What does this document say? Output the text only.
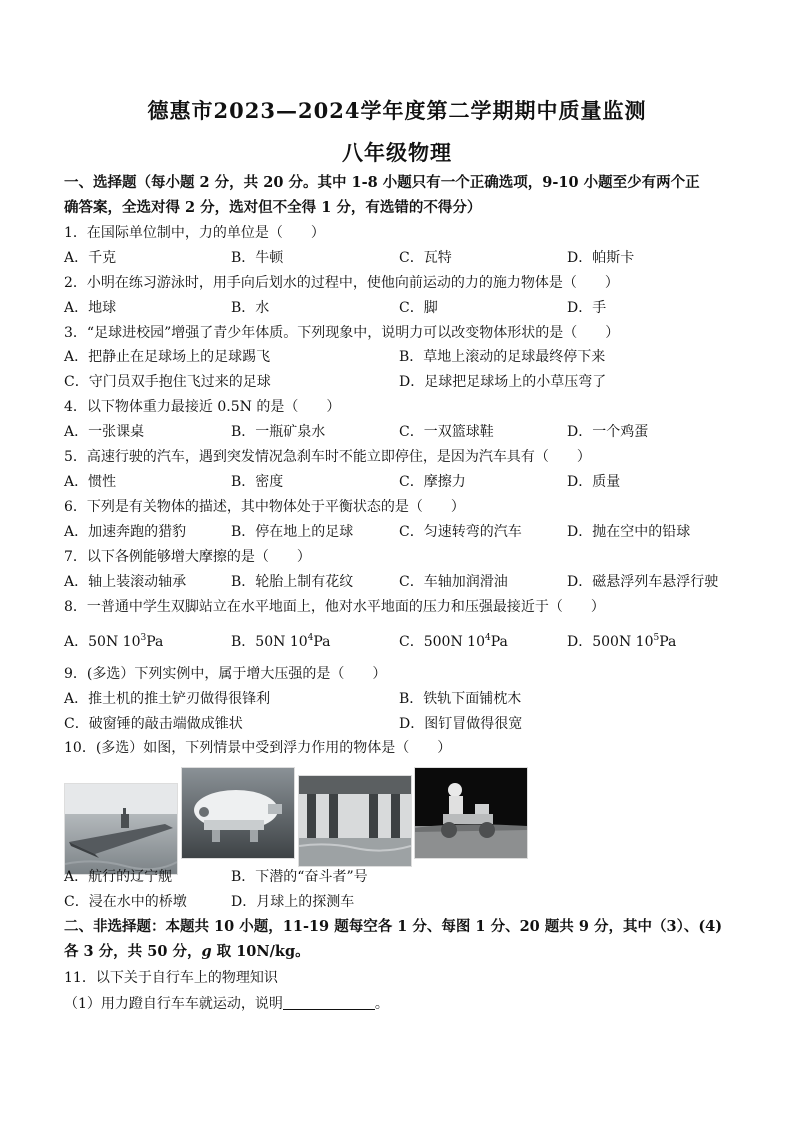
德惠市2023—2024学年度第二学期期中质量监测
八年级物理
一、选择题（每小题 2 分，共 20 分。其中 1-8 小题只有一个正确选项，9-10 小题至少有两个正
确答案，全选对得 2 分，选对但不全得 1 分，有选错的不得分）
1．在国际单位制中，力的单位是（　　）
A．千克	B．牛顿	C．瓦特	D．帕斯卡
2．小明在练习游泳时，用手向后划水的过程中，使他向前运动的力的施力物体是（　　）
A．地球	B．水	C．脚	D．手
3．“足球进校园”增强了青少年体质。下列现象中，说明力可以改变物体形状的是（　　）
A．把静止在足球场上的足球踢飞	B．草地上滚动的足球最终停下来
C．守门员双手抱住飞过来的足球	D．足球把足球场上的小草压弯了
4．以下物体重力最接近 0.5N 的是（　　）
A．一张课桌	B．一瓶矿泉水	C．一双篮球鞋	D．一个鸡蛋
5．高速行驶的汽车，遇到突发情况急刹车时不能立即停住，是因为汽车具有（　　）
A．惯性	B．密度	C．摩擦力	D．质量
6．下列是有关物体的描述，其中物体处于平衡状态的是（　　）
A．加速奔跑的猎豹	B．停在地上的足球	C．匀速转弯的汽车	D．抛在空中的铅球
7．以下各例能够增大摩擦的是（　　）
A．轴上装滚动轴承	B．轮胎上制有花纹	C．车轴加润滑油	D．磁悬浮列车悬浮行驶
8．一普通中学生双脚站立在水平地面上，他对水平地面的压力和压强最接近于（　　）
A．50N $10^3Pa$	B．50N $10^4Pa$	C．500N $10^4Pa$	D．500N $10^5Pa$
9．(多选）下列实例中，属于增大压强的是（　　）
A．推土机的推土铲刃做得很锋利	B．铁轨下面铺枕木
C．破窗锤的敲击端做成锥状	D．图钉冒做得很宽
10．(多选）如图，下列情景中受到浮力作用的物体是（　　）
A．航行的辽宁舰	B．下潜的“奋斗者”号
C．浸在水中的桥墩	D．月球上的探测车
二、非选择题：本题共 10 小题，11-19 题每空各 1 分、每图 1 分、20 题共 9 分，其中（3）、(4)
各 3 分，共 50 分，g 取 10N/kg。
11．以下关于自行车上的物理知识
（1）用力蹬自行车车就运动，说明	。
